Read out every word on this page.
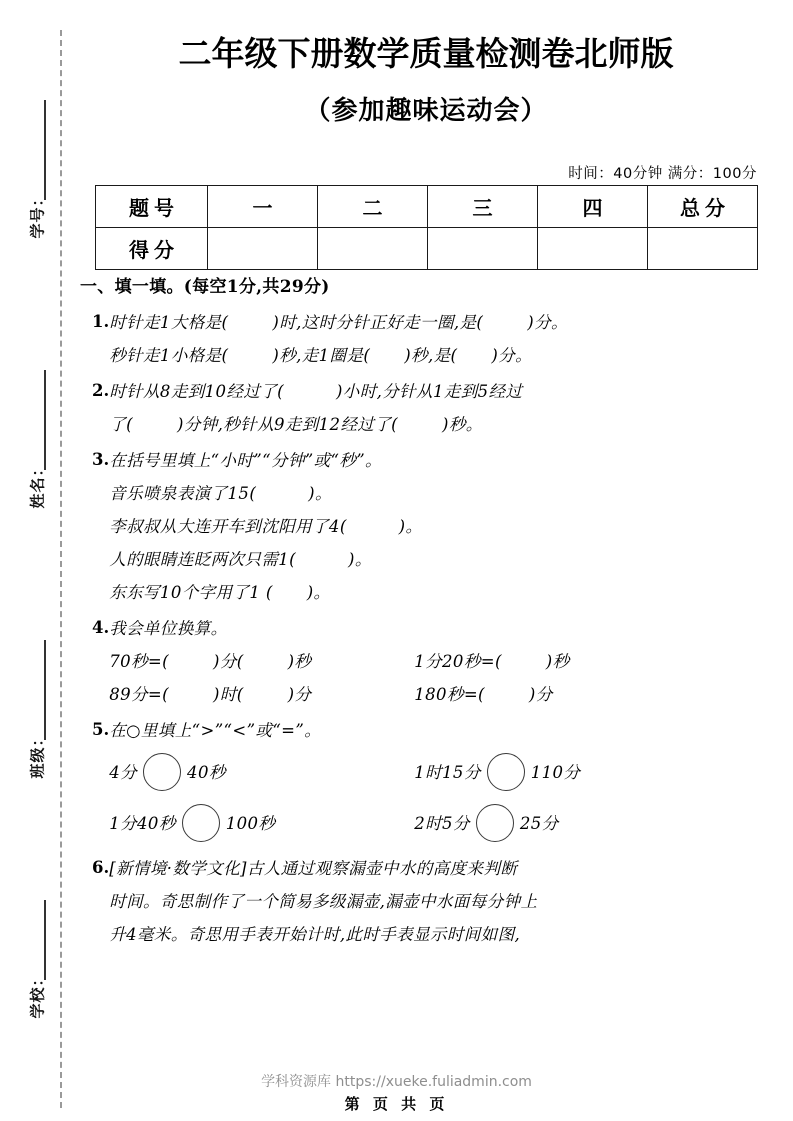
学号：
姓名：
班级：
学校：
二年级下册数学质量检测卷北师版
（参加趣味运动会）
时间：40分钟 满分：100分
题号	一	二	三	四	总分
得分					
一、填一填。(每空1分,共29分)
1. 时针走1大格是(	)时,这时分针正好走一圈,是(	)分。
秒针走1小格是(	)秒,走1圈是( )秒,是( )分。
2. 时针从8走到10经过了(	)小时,分针从1走到5经过
了(	)分钟,秒针从9走到12经过了(	)秒。
3. 在括号里填上“小时”“分钟”或“秒”。
音乐喷泉表演了15(	)。
李叔叔从大连开车到沈阳用了4(	)。
人的眼睛连眨两次只需1(	)。
东东写10个字用了1 ( )。
4. 我会单位换算。
70秒=(	)分(	)秒	1分20秒=(	)秒
89分=(	)时(	)分	180秒=(	)分
5. 在○里填上“>”“<”或“=”。
4分	40秒	1时15分	110分
1分40秒	100秒	2时5分	25分
6. [新情境·数学文化]古人通过观察漏壶中水的高度来判断
时间。奇思制作了一个简易多级漏壶,漏壶中水面每分钟上
升4毫米。奇思用手表开始计时,此时手表显示时间如图,
学科资源库 https://xueke.fuliadmin.com
第 页 共 页
